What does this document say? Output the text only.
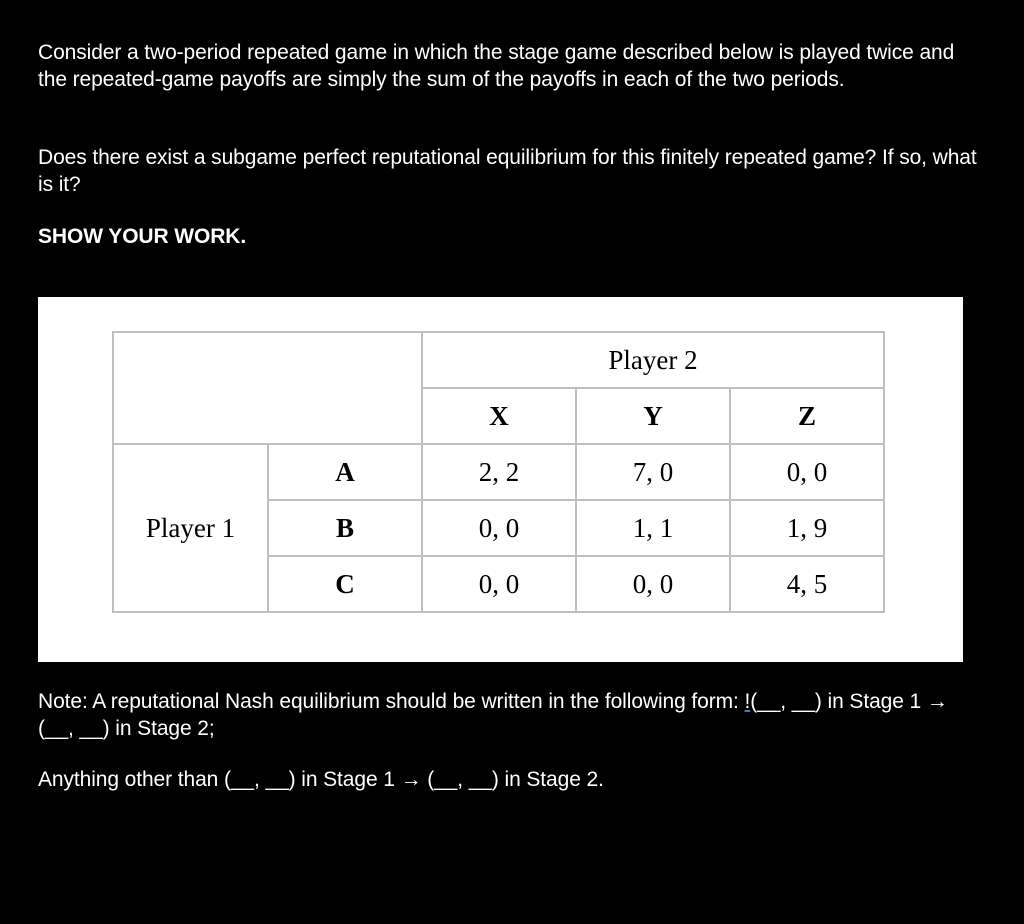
Consider a two-period repeated game in which the stage game described below is played twice and the repeated-game payoffs are simply the sum of the payoffs in each of the two periods.

Does there exist a subgame perfect reputational equilibrium for this finitely repeated game? If so, what is it?

SHOW YOUR WORK.

		Player 2		
		X	Y	Z
Player 1	A	2, 2	7, 0	0, 0
	B	0, 0	1, 1	1, 9
	C	0, 0	0, 0	4, 5

Note: A reputational Nash equilibrium should be written in the following form: !(__, __) in Stage 1 → (__, __) in Stage 2;

Anything other than (__, __) in Stage 1 → (__, __) in Stage 2.
